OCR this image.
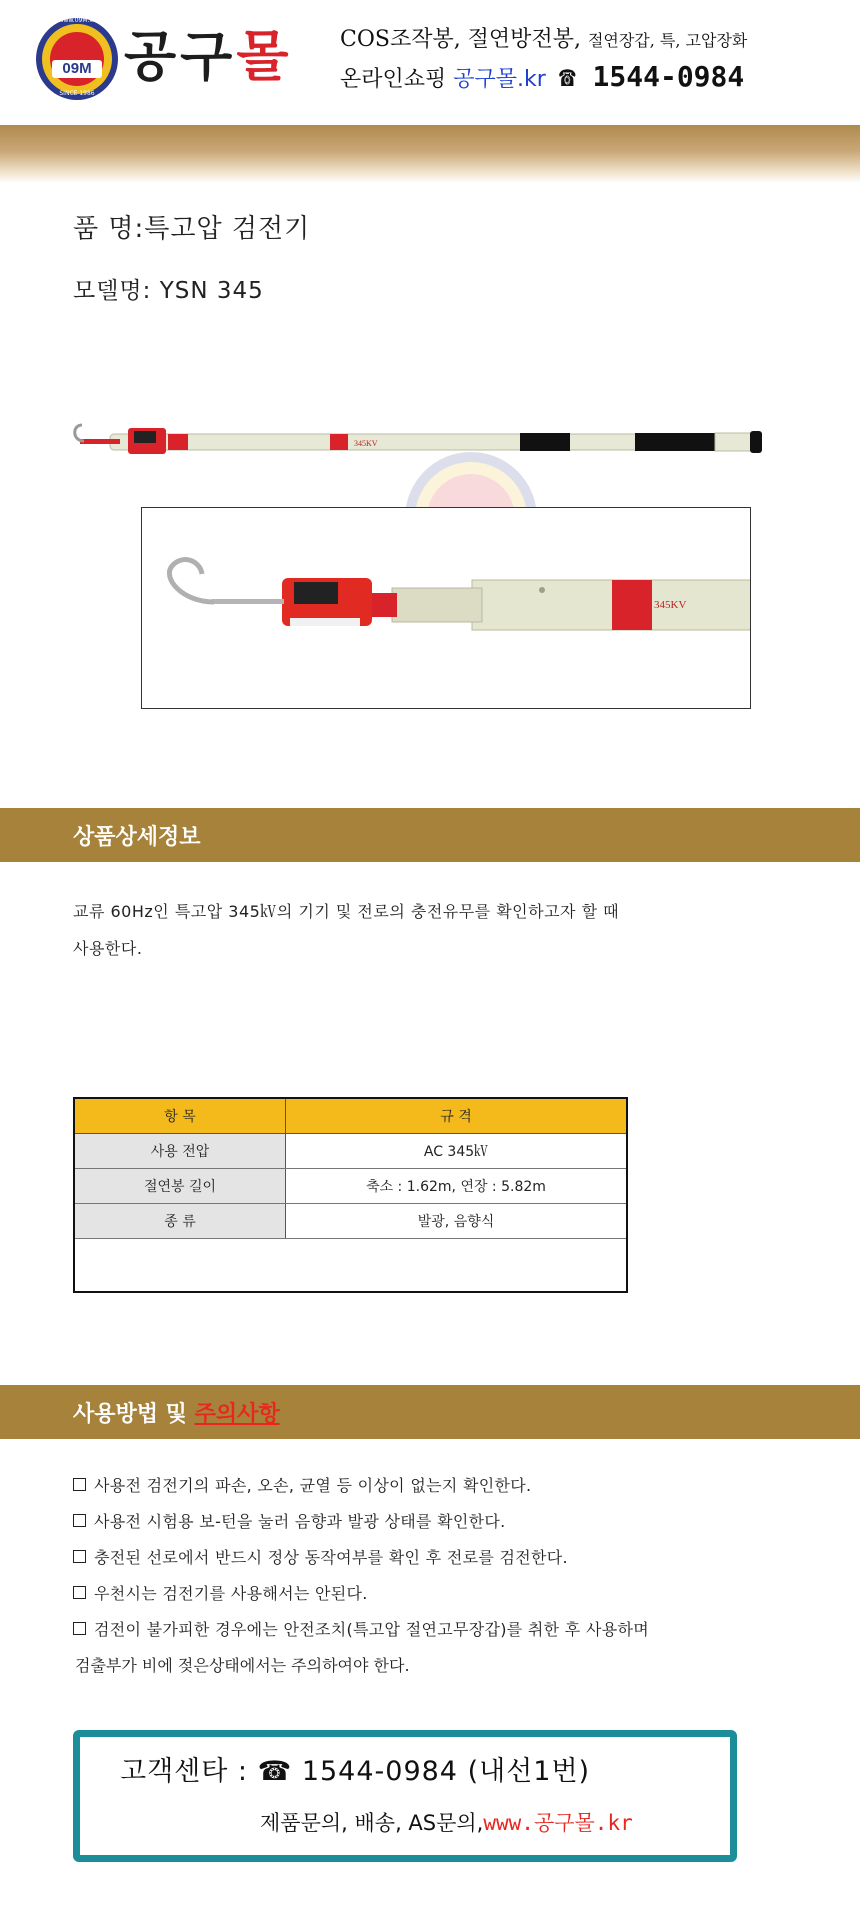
www.09M.kr
09M
SINCE 1986
공구몰 COS조작봉, 절연방전봉, 절연장갑, 특, 고압장화
온라인쇼핑 공구몰.kr ☎ 1544-0984
품 명:특고압 검전기
모델명: YSN 345
345KV
345KV
상품상세정보
교류 60Hz인 특고압 345㎸의 기기 및 전로의 충전유무를 확인하고자 할 때
사용한다.
항 목	규 격
사용 전압	AC 345㎸
절연봉 길이	축소 : 1.62m, 연장 : 5.82m
종 류	발광, 음향식
사용방법 및 주의사항
사용전 검전기의 파손, 오손, 균열 등 이상이 없는지 확인한다.
사용전 시험용 보-턴을 눌러 음향과 발광 상태를 확인한다.
충전된 선로에서 반드시 정상 동작여부를 확인 후 전로를 검전한다.
우천시는 검전기를 사용해서는 안된다.
검전이 불가피한 경우에는 안전조치(특고압 절연고무장갑)를 취한 후 사용하며
검출부가 비에 젖은상태에서는 주의하여야 한다.
고객센타 : ☎ 1544-0984 (내선1번)
제품문의, 배송, AS문의,www.공구몰.kr
